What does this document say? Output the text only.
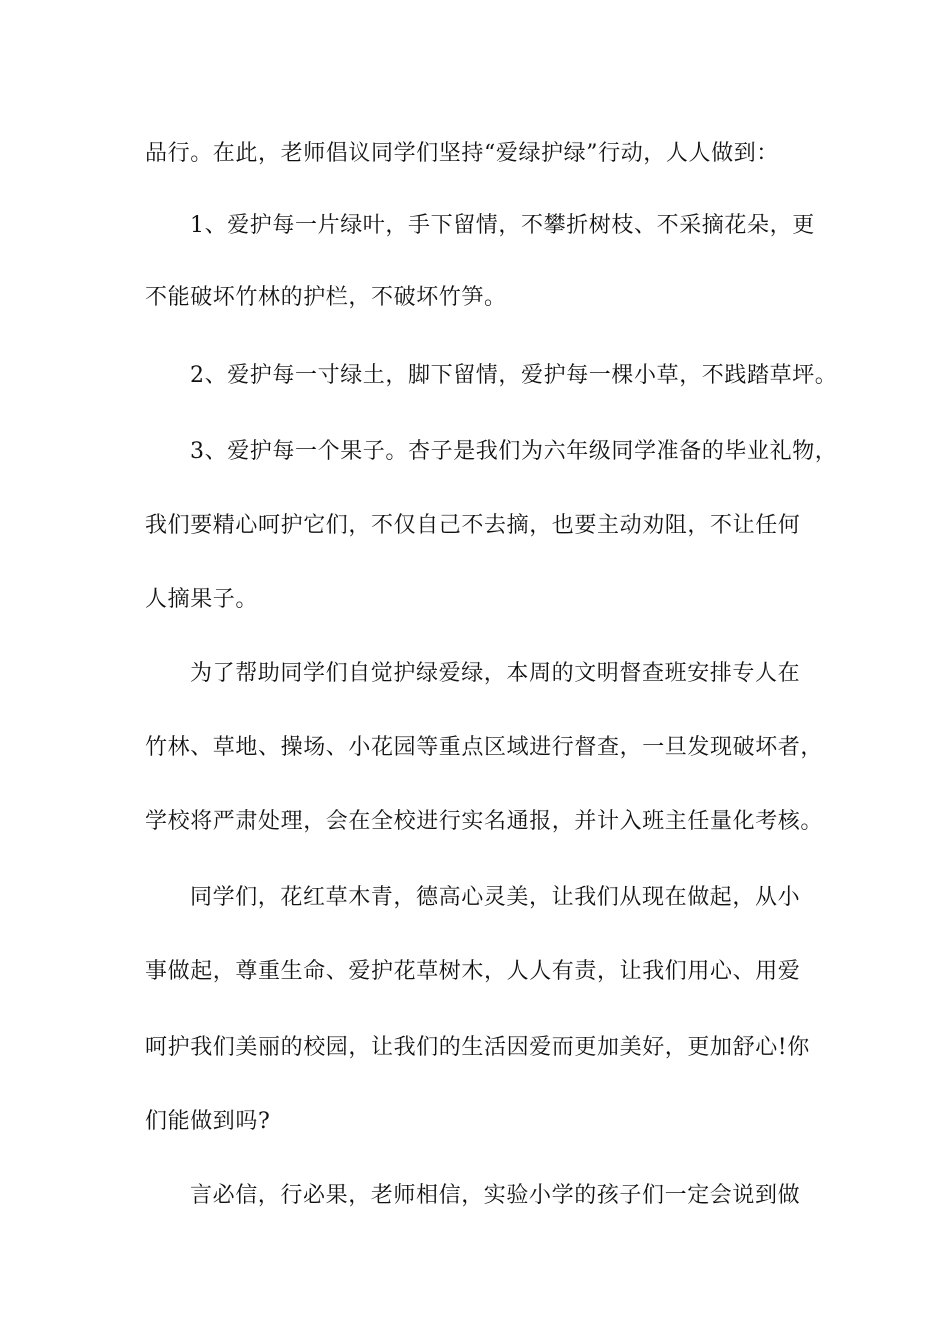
品行。在此，老师倡议同学们坚持“爱绿护绿”行动，人人做到：
1、爱护每一片绿叶，手下留情，不攀折树枝、不采摘花朵，更
不能破坏竹林的护栏，不破坏竹笋。
2、爱护每一寸绿土，脚下留情，爱护每一棵小草，不践踏草坪。
3、爱护每一个果子。杏子是我们为六年级同学准备的毕业礼物，
我们要精心呵护它们，不仅自己不去摘，也要主动劝阻，不让任何
人摘果子。
为了帮助同学们自觉护绿爱绿，本周的文明督查班安排专人在
竹林、草地、操场、小花园等重点区域进行督查，一旦发现破坏者，
学校将严肃处理，会在全校进行实名通报，并计入班主任量化考核。
同学们，花红草木青，德高心灵美，让我们从现在做起，从小
事做起，尊重生命、爱护花草树木，人人有责，让我们用心、用爱
呵护我们美丽的校园，让我们的生活因爱而更加美好，更加舒心!你
们能做到吗?
言必信，行必果，老师相信，实验小学的孩子们一定会说到做
